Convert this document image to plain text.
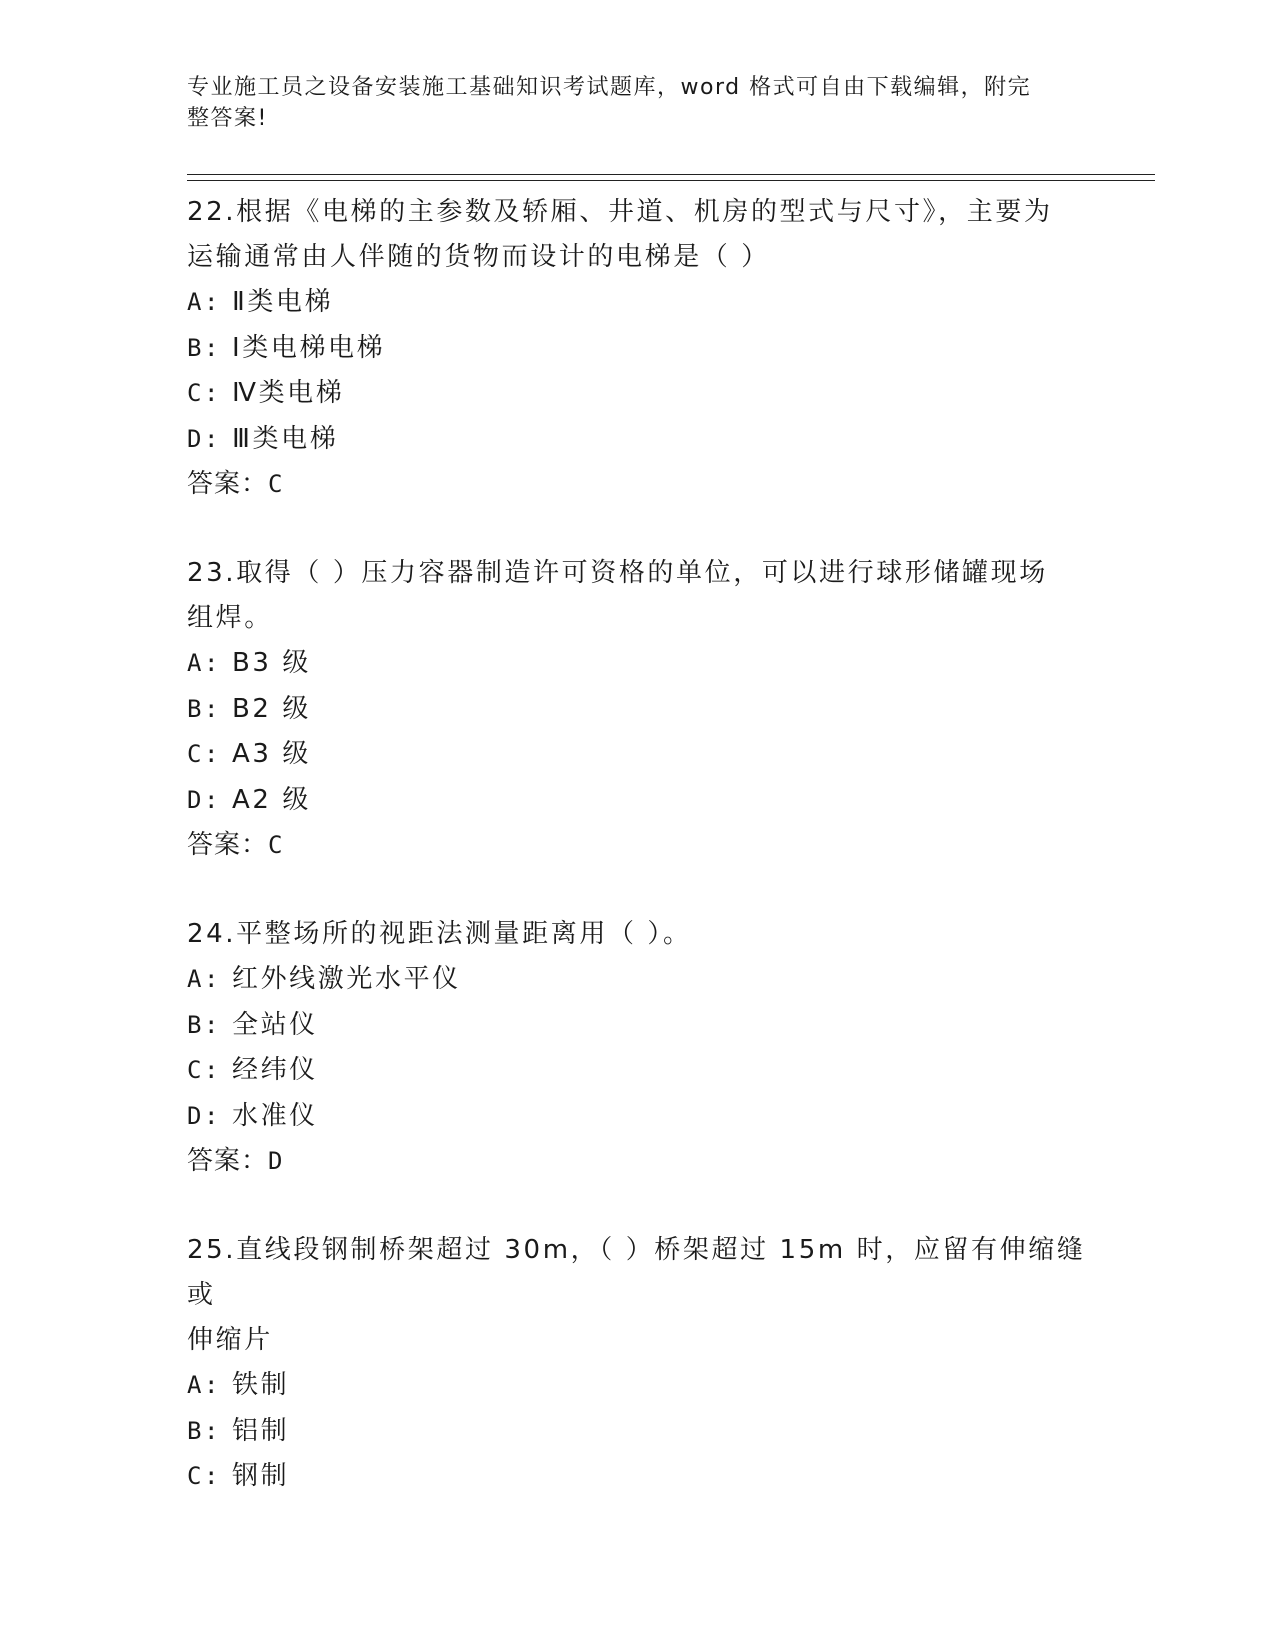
专业施工员之设备安装施工基础知识考试题库，word 格式可自由下载编辑，附完
整答案!

22.根据《电梯的主参数及轿厢、井道、机房的型式与尺寸》，主要为

运输通常由人伴随的货物而设计的电梯是（ ）

A: Ⅱ类电梯

B: Ⅰ类电梯电梯

C: Ⅳ类电梯

D: Ⅲ类电梯

答案：C

23.取得（ ）压力容器制造许可资格的单位，可以进行球形储罐现场

组焊。

A: B3 级

B: B2 级

C: A3 级

D: A2 级

答案：C

24.平整场所的视距法测量距离用（ ）。

A: 红外线激光水平仪

B: 全站仪

C: 经纬仪

D: 水准仪

答案：D

25.直线段钢制桥架超过 30m，（ ）桥架超过 15m 时，应留有伸缩缝或

伸缩片

A: 铁制

B: 铝制

C: 钢制
